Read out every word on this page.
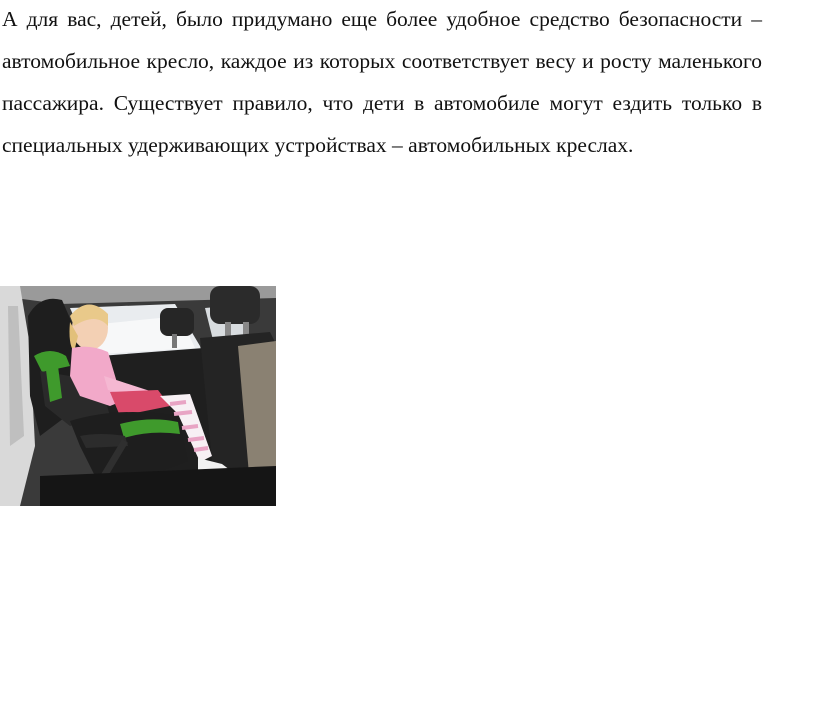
А для вас, детей, было придумано еще более удобное средство безопасности – автомобильное кресло, каждое из которых соответствует весу и росту маленького пассажира. Существует правило, что дети в автомобиле могут ездить только в специальных удерживающих устройствах – автомобильных креслах.
